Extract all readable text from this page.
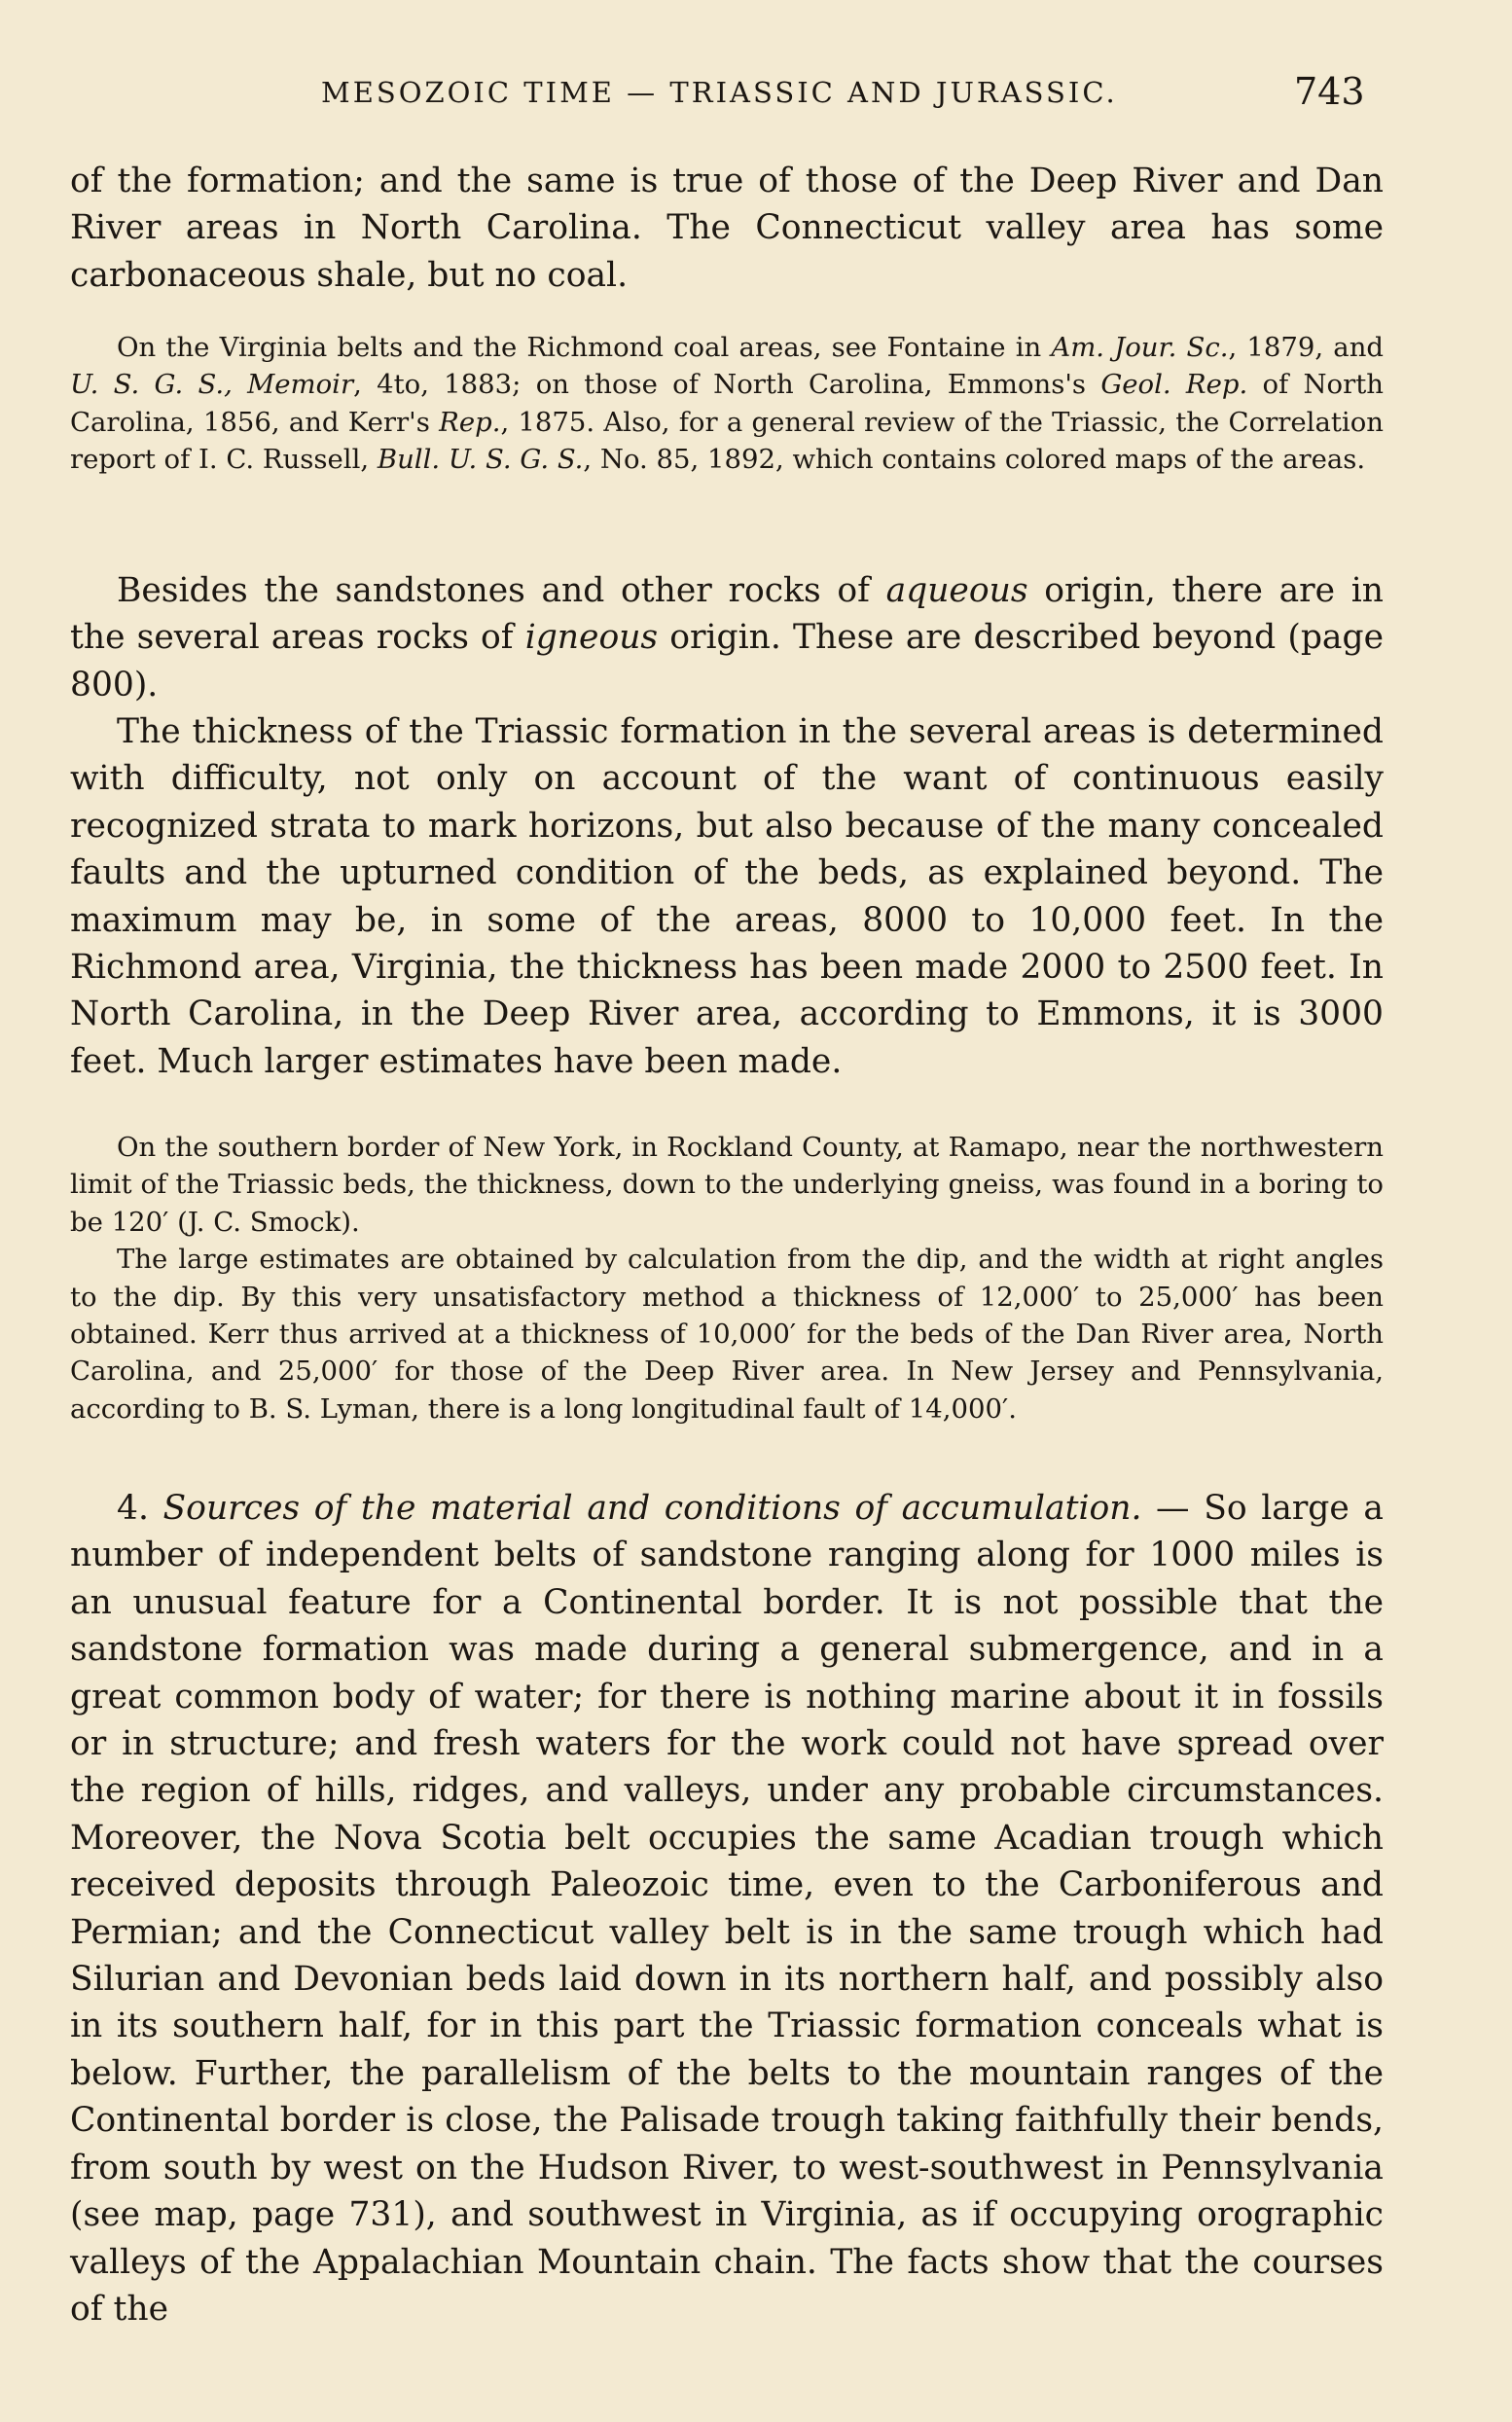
MESOZOIC TIME — TRIASSIC AND JURASSIC.	743

of the formation; and the same is true of those of the Deep River and Dan River areas in North Carolina. The Connecticut valley area has some carbonaceous shale, but no coal.

On the Virginia belts and the Richmond coal areas, see Fontaine in Am. Jour. Sc., 1879, and U. S. G. S., Memoir, 4to, 1883; on those of North Carolina, Emmons's Geol. Rep. of North Carolina, 1856, and Kerr's Rep., 1875. Also, for a general review of the Triassic, the Correlation report of I. C. Russell, Bull. U. S. G. S., No. 85, 1892, which contains colored maps of the areas.

Besides the sandstones and other rocks of aqueous origin, there are in the several areas rocks of igneous origin. These are described beyond (page 800).

The thickness of the Triassic formation in the several areas is determined with difficulty, not only on account of the want of continuous easily recognized strata to mark horizons, but also because of the many concealed faults and the upturned condition of the beds, as explained beyond. The maximum may be, in some of the areas, 8000 to 10,000 feet. In the Richmond area, Virginia, the thickness has been made 2000 to 2500 feet. In North Carolina, in the Deep River area, according to Emmons, it is 3000 feet. Much larger estimates have been made.

On the southern border of New York, in Rockland County, at Ramapo, near the northwestern limit of the Triassic beds, the thickness, down to the underlying gneiss, was found in a boring to be 120′ (J. C. Smock).

The large estimates are obtained by calculation from the dip, and the width at right angles to the dip. By this very unsatisfactory method a thickness of 12,000′ to 25,000′ has been obtained. Kerr thus arrived at a thickness of 10,000′ for the beds of the Dan River area, North Carolina, and 25,000′ for those of the Deep River area. In New Jersey and Pennsylvania, according to B. S. Lyman, there is a long longitudinal fault of 14,000′.

4. Sources of the material and conditions of accumulation. — So large a number of independent belts of sandstone ranging along for 1000 miles is an unusual feature for a Continental border. It is not possible that the sandstone formation was made during a general submergence, and in a great common body of water; for there is nothing marine about it in fossils or in structure; and fresh waters for the work could not have spread over the region of hills, ridges, and valleys, under any probable circumstances. Moreover, the Nova Scotia belt occupies the same Acadian trough which received deposits through Paleozoic time, even to the Carboniferous and Permian; and the Connecticut valley belt is in the same trough which had Silurian and Devonian beds laid down in its northern half, and possibly also in its southern half, for in this part the Triassic formation conceals what is below. Further, the parallelism of the belts to the mountain ranges of the Continental border is close, the Palisade trough taking faithfully their bends, from south by west on the Hudson River, to west-southwest in Pennsylvania (see map, page 731), and southwest in Virginia, as if occupying orographic valleys of the Appalachian Mountain chain. The facts show that the courses of the
